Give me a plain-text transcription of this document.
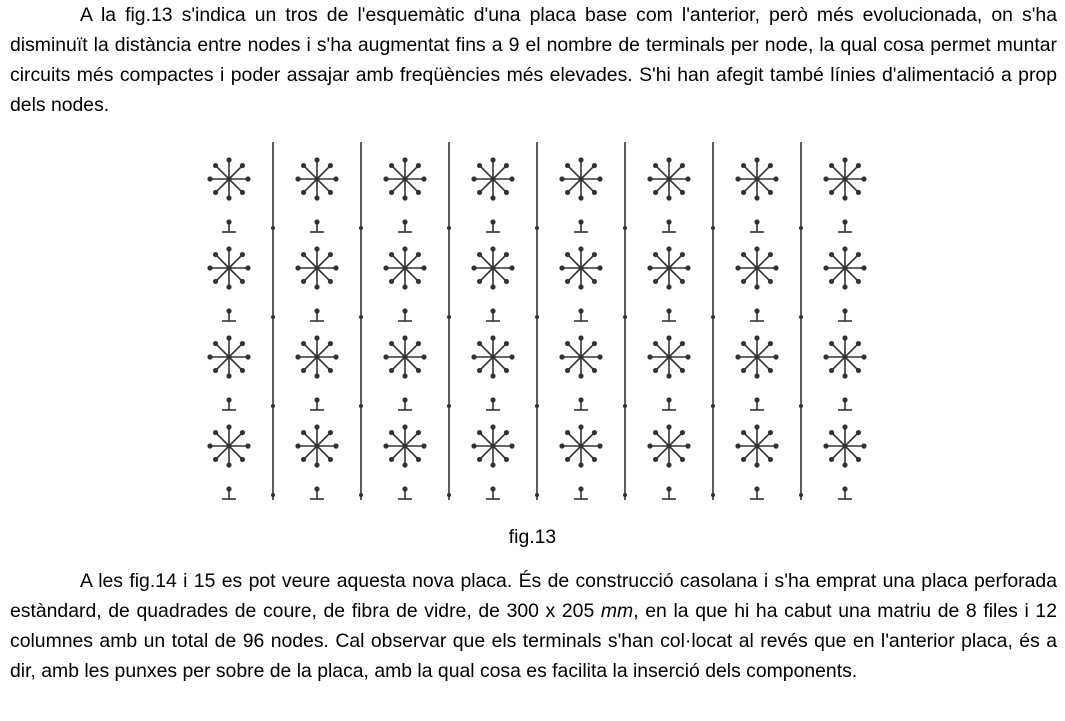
A la fig.13 s'indica un tros de l'esquemàtic d'una placa base com l'anterior, però més evolucionada, on s'ha disminuït la distància entre nodes i s'ha augmentat fins a 9 el nombre de terminals per node, la qual cosa permet muntar circuits més compactes i poder assajar amb freqüències més elevades. S'hi han afegit també línies d'alimentació a prop dels nodes.

fig.13

A les fig.14 i 15 es pot veure aquesta nova placa. És de construcció casolana i s'ha emprat una placa perforada estàndard, de quadrades de coure, de fibra de vidre, de 300 x 205 mm, en la que hi ha cabut una matriu de 8 files i 12 columnes amb un total de 96 nodes. Cal observar que els terminals s'han col·locat al revés que en l'anterior placa, és a dir, amb les punxes per sobre de la placa, amb la qual cosa es facilita la inserció dels components.
